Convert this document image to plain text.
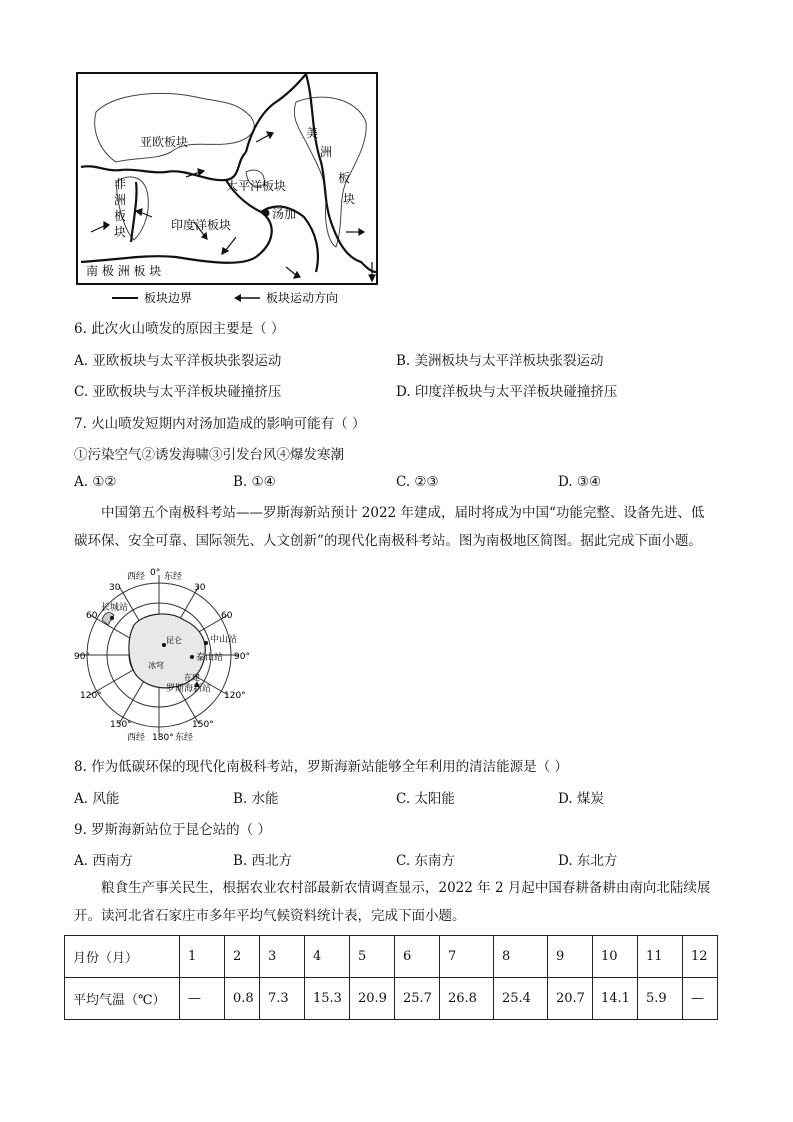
亚欧板块
美
洲
板
块
非
洲
板
块
太平洋板块
印度洋板块
汤加
南 极 洲 板 块
板块边界	板块运动方向
6. 此次火山喷发的原因主要是（ ）
A. 亚欧板块与太平洋板块张裂运动	B. 美洲板块与太平洋板块张裂运动
C. 亚欧板块与太平洋板块碰撞挤压	D. 印度洋板块与太平洋板块碰撞挤压
7. 火山喷发短期内对汤加造成的影响可能有（ ）
①污染空气②诱发海啸③引发台风④爆发寒潮
A. ①②	B. ①④	C. ②③	D. ③④
中国第五个南极科考站——罗斯海新站预计 2022 年建成，届时将成为中国“功能完整、设备先进、低
碳环保、安全可靠、国际领先、人文创新”的现代化南极科考站。图为南极地区简图。据此完成下面小题。
0°
西经 东经
30	30
60	60
90°	90°
120°	120°
150°	150°
西经 180° 东经
长城站
中山站
泰山站
昆仑
冰穹
在建
罗斯海新站
8. 作为低碳环保的现代化南极科考站，罗斯海新站能够全年利用的清洁能源是（ ）
A. 风能	B. 水能	C. 太阳能	D. 煤炭
9. 罗斯海新站位于昆仑站的（ ）
A. 西南方	B. 西北方	C. 东南方	D. 东北方
粮食生产事关民生，根据农业农村部最新农情调查显示，2022 年 2 月起中国春耕备耕由南向北陆续展
开。读河北省石家庄市多年平均气候资料统计表，完成下面小题。
月份（月）	1	2	3	4	5	6	7	8	9	10	11	12
平均气温（℃）	—	0.8	7.3	15.3	20.9	25.7	26.8	25.4	20.7	14.1	5.9	—
